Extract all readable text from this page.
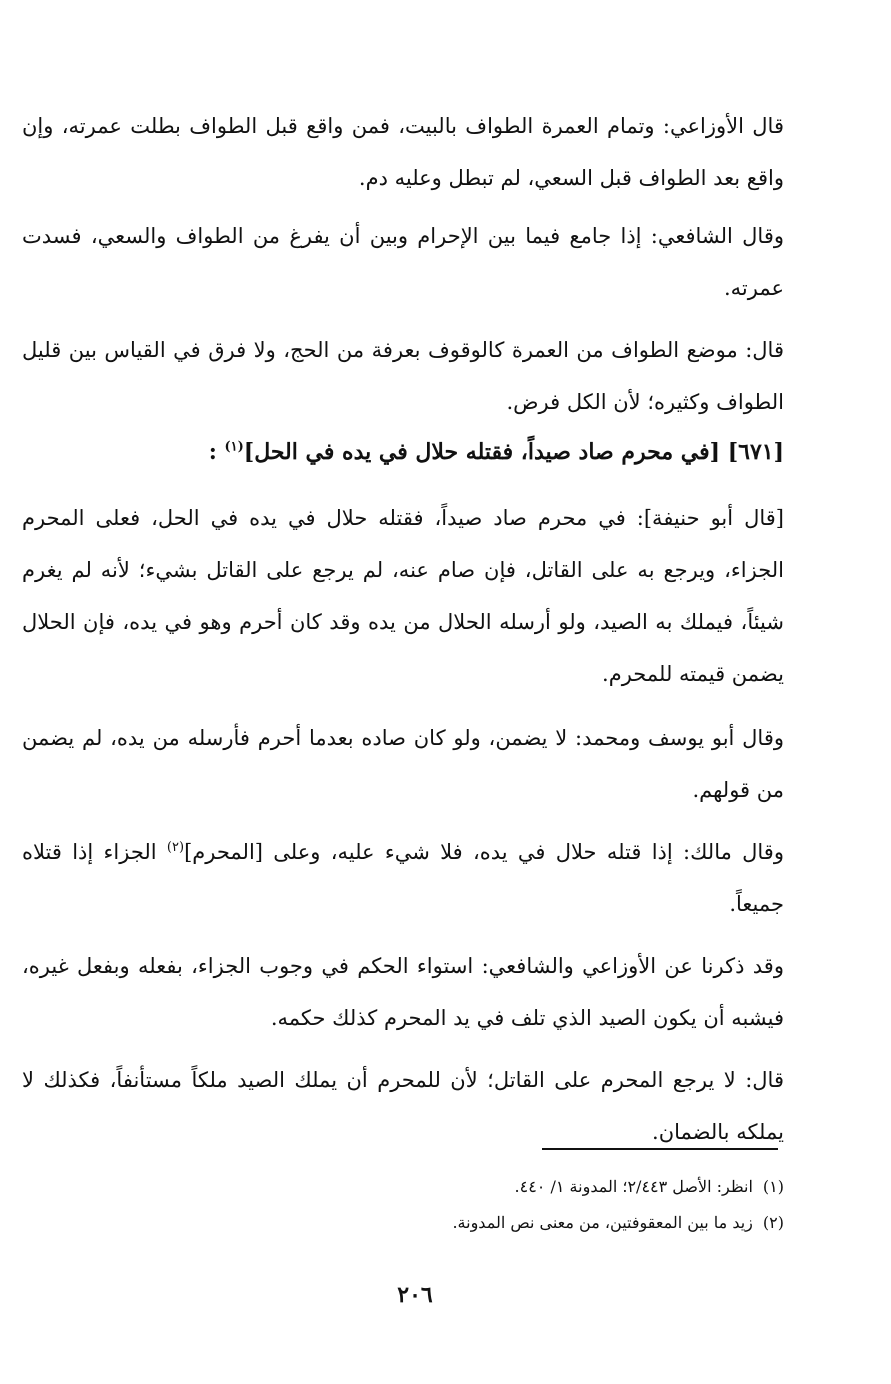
قال الأوزاعي: وتمام العمرة الطواف بالبيت، فمن واقع قبل الطواف بطلت عمرته، وإن واقع بعد الطواف قبل السعي، لم تبطل وعليه دم.

وقال الشافعي: إذا جامع فيما بين الإحرام وبين أن يفرغ من الطواف والسعي، فسدت عمرته.

قال: موضع الطواف من العمرة كالوقوف بعرفة من الحج، ولا فرق في القياس بين قليل الطواف وكثيره؛ لأن الكل فرض.

[٦٧١] [في محرم صاد صيداً، فقتله حلال في يده في الحل]$^{(١)}$ :

[قال أبو حنيفة]: في محرم صاد صيداً، فقتله حلال في يده في الحل، فعلى المحرم الجزاء، ويرجع به على القاتل، فإن صام عنه، لم يرجع على القاتل بشيء؛ لأنه لم يغرم شيئاً، فيملك به الصيد، ولو أرسله الحلال من يده وقد كان أحرم وهو في يده، فإن الحلال يضمن قيمته للمحرم.

وقال أبو يوسف ومحمد: لا يضمن، ولو كان صاده بعدما أحرم فأرسله من يده، لم يضمن من قولهم.

وقال مالك: إذا قتله حلال في يده، فلا شيء عليه، وعلى [المحرم]$^{(٢)}$ الجزاء إذا قتلاه جميعاً.

وقد ذكرنا عن الأوزاعي والشافعي: استواء الحكم في وجوب الجزاء، بفعله وبفعل غيره، فيشبه أن يكون الصيد الذي تلف في يد المحرم كذلك حكمه.

قال: لا يرجع المحرم على القاتل؛ لأن للمحرم أن يملك الصيد ملكاً مستأنفاً، فكذلك لا يملكه بالضمان.

(١)انظر: الأصل ٢/٤٤٣؛ المدونة ١/ ٤٤٠.
(٢)زيد ما بين المعقوفتين، من معنى نص المدونة.
٢٠٦
